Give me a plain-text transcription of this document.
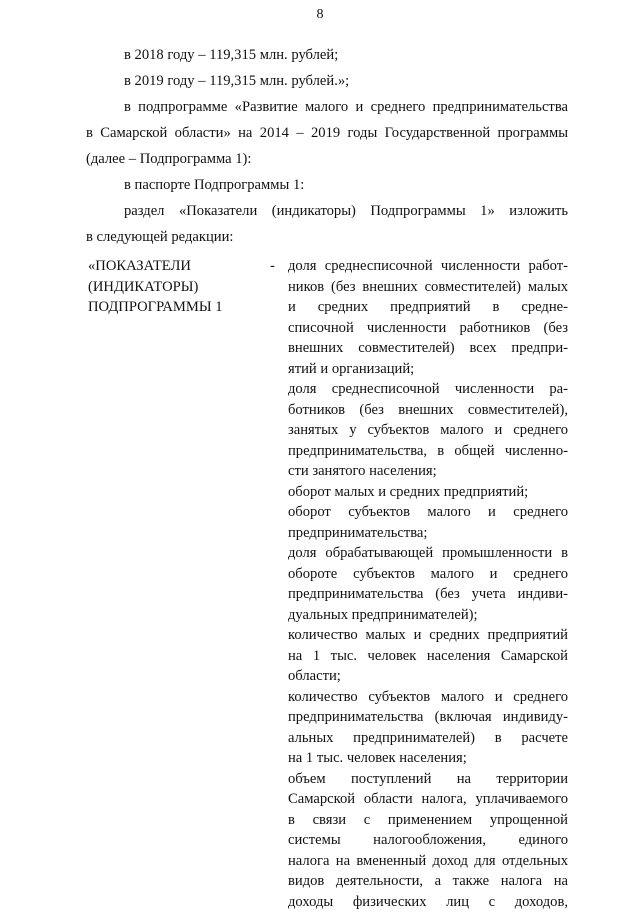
8

в 2018 году – 119,315 млн. рублей;

в 2019 году – 119,315 млн. рублей.»;

в подпрограмме «Развитие малого и среднего предпринимательства

в Самарской области» на 2014 – 2019 годы Государственной программы

(далее – Подпрограмма 1):

в паспорте Подпрограммы 1:

раздел «Показатели (индикаторы) Подпрограммы 1» изложить

в следующей редакции:

«ПОКАЗАТЕЛИ
(ИНДИКАТОРЫ)
ПОДПРОГРАММЫ 1
- доля среднесписочной численности работ-
ников (без внешних совместителей) малых
и средних предприятий в средне-
списочной численности работников (без
внешних совместителей) всех предпри-
ятий и организаций;
доля среднесписочной численности ра-
ботников (без внешних совместителей),
занятых у субъектов малого и среднего
предпринимательства, в общей численно-
сти занятого населения;
оборот малых и средних предприятий;
оборот субъектов малого и среднего
предпринимательства;
доля обрабатывающей промышленности в
обороте субъектов малого и среднего
предпринимательства (без учета индиви-
дуальных предпринимателей);
количество малых и средних предприятий
на 1 тыс. человек населения Самарской
области;
количество субъектов малого и среднего
предпринимательства (включая индивиду-
альных предпринимателей) в расчете
на 1 тыс. человек населения;
объем поступлений на территории
Самарской области налога, уплачиваемого
в связи с применением упрощенной
системы налогообложения, единого
налога на вмененный доход для отдельных
видов деятельности, а также налога на
доходы физических лиц с доходов,
